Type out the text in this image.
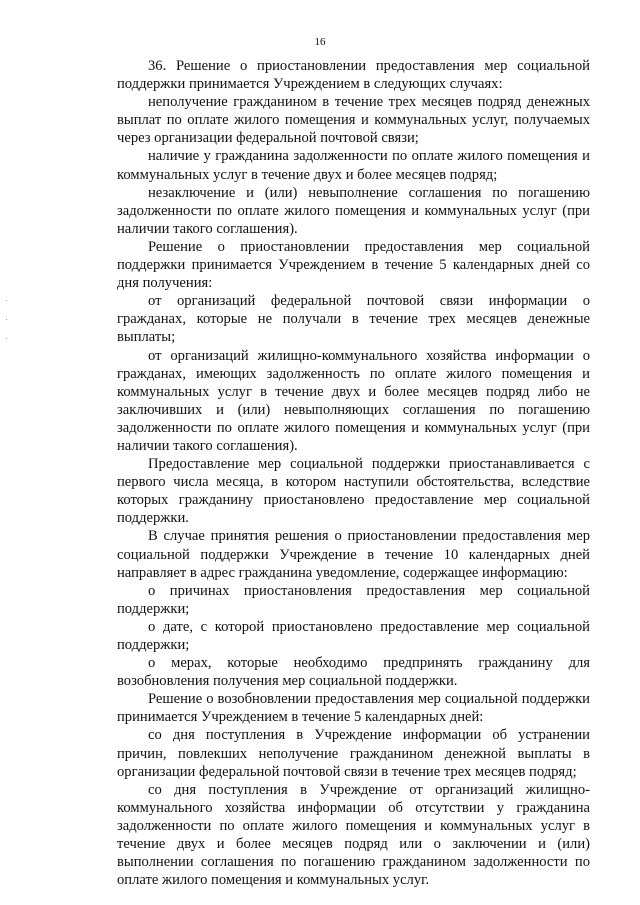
16

36. Решение о приостановлении предоставления мер социальной поддержки принимается Учреждением в следующих случаях:

неполучение гражданином в течение трех месяцев подряд денежных выплат по оплате жилого помещения и коммунальных услуг, получаемых через организации федеральной почтовой связи;

наличие у гражданина задолженности по оплате жилого помещения и коммунальных услуг в течение двух и более месяцев подряд;

незаключение и (или) невыполнение соглашения по погашению задолженности по оплате жилого помещения и коммунальных услуг (при наличии такого соглашения).

Решение о приостановлении предоставления мер социальной поддержки принимается Учреждением в течение 5 календарных дней со дня получения:

от организаций федеральной почтовой связи информации о гражданах, которые не получали в течение трех месяцев денежные выплаты;

от организаций жилищно-коммунального хозяйства информации о гражданах, имеющих задолженность по оплате жилого помещения и коммунальных услуг в течение двух и более месяцев подряд либо не заключивших и (или) невыполняющих соглашения по погашению задолженности по оплате жилого помещения и коммунальных услуг (при наличии такого соглашения).

Предоставление мер социальной поддержки приостанавливается с первого числа месяца, в котором наступили обстоятельства, вследствие которых гражданину приостановлено предоставление мер социальной поддержки.

В случае принятия решения о приостановлении предоставления мер социальной поддержки Учреждение в течение 10 календарных дней направляет в адрес гражданина уведомление, содержащее информацию:

о причинах приостановления предоставления мер социальной поддержки;

о дате, с которой приостановлено предоставление мер социальной поддержки;

о мерах, которые необходимо предпринять гражданину для возобновления получения мер социальной поддержки.

Решение о возобновлении предоставления мер социальной поддержки принимается Учреждением в течение 5 календарных дней:

со дня поступления в Учреждение информации об устранении причин, повлекших неполучение гражданином денежной выплаты в организации федеральной почтовой связи в течение трех месяцев подряд;

со дня поступления в Учреждение от организаций жилищно-коммунального хозяйства информации об отсутствии у гражданина задолженности по оплате жилого помещения и коммунальных услуг в течение двух и более месяцев подряд или о заключении и (или) выполнении соглашения по погашению гражданином задолженности по оплате жилого помещения и коммунальных услуг.
